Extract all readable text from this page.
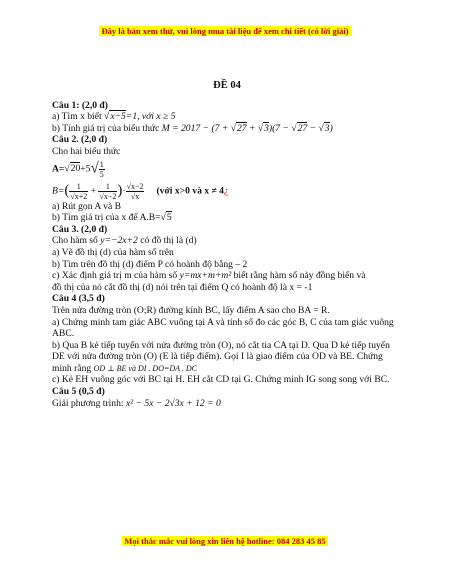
Đây là bản xem thử, vui lòng mua tài liệu để xem chi tiết (có lời giải)
ĐỀ 04
Câu 1: (2,0 đ)
a) Tìm x biết √x−5=1, với x ≥ 5
b) Tính giá trị của biểu thức M = 2017 − (7 + √27 + √3)(7 − √27 − √3)
Câu 2. (2,0 đ)
Cho hai biểu thức
$A=√20+5√ \frac{1}{5}$
$B=( \frac{1}{√x+2} + \frac{1}{√x-2}$ )· $\frac{√x-2}{√x}$ (với x>0 và x ≠ 4¿
a) Rút gọn A và B
b) Tìm giá trị của x để A.B=√5
Câu 3. (2,0 đ)
Cho hàm số y=−2x+2 có đồ thị là (d)
a) Vẽ đồ thị (d) của hàm số trên
b) Tìm trên đồ thị (d) điểm P có hoành độ bằng – 2
c) Xác định giá trị m của hàm số y=mx+m+m² biết rằng hàm số này đồng biến và
đồ thị của nó cắt đồ thị (d) nói trên tại điểm Q có hoành độ là x = -1
Câu 4 (3,5 đ)
Trên nửa đường tròn (O;R) đường kính BC, lấy điểm A sao cho BA = R.
a) Chứng minh tam giác ABC vuông tại A và tính số đo các góc B, C của tam giác vuông ABC.
b) Qua B kẻ tiếp tuyến với nửa đường tròn (O), nó cắt tia CA tại D. Qua D kẻ tiếp tuyến DE với nửa đường tròn (O) (E là tiếp điểm). Gọi I là giao điểm của OD và BE. Chứng minh rằng OD ⊥ BE và DI . DO=DA . DC
c) Kẻ EH vuông góc với BC tại H. EH cắt CD tại G. Chứng minh IG song song với BC.
Câu 5 (0,5 đ)
Giải phương trình: x² − 5x − 2√3x + 12 = 0
Mọi thắc mắc vui lòng xin liên hệ hotline: 084 283 45 85
